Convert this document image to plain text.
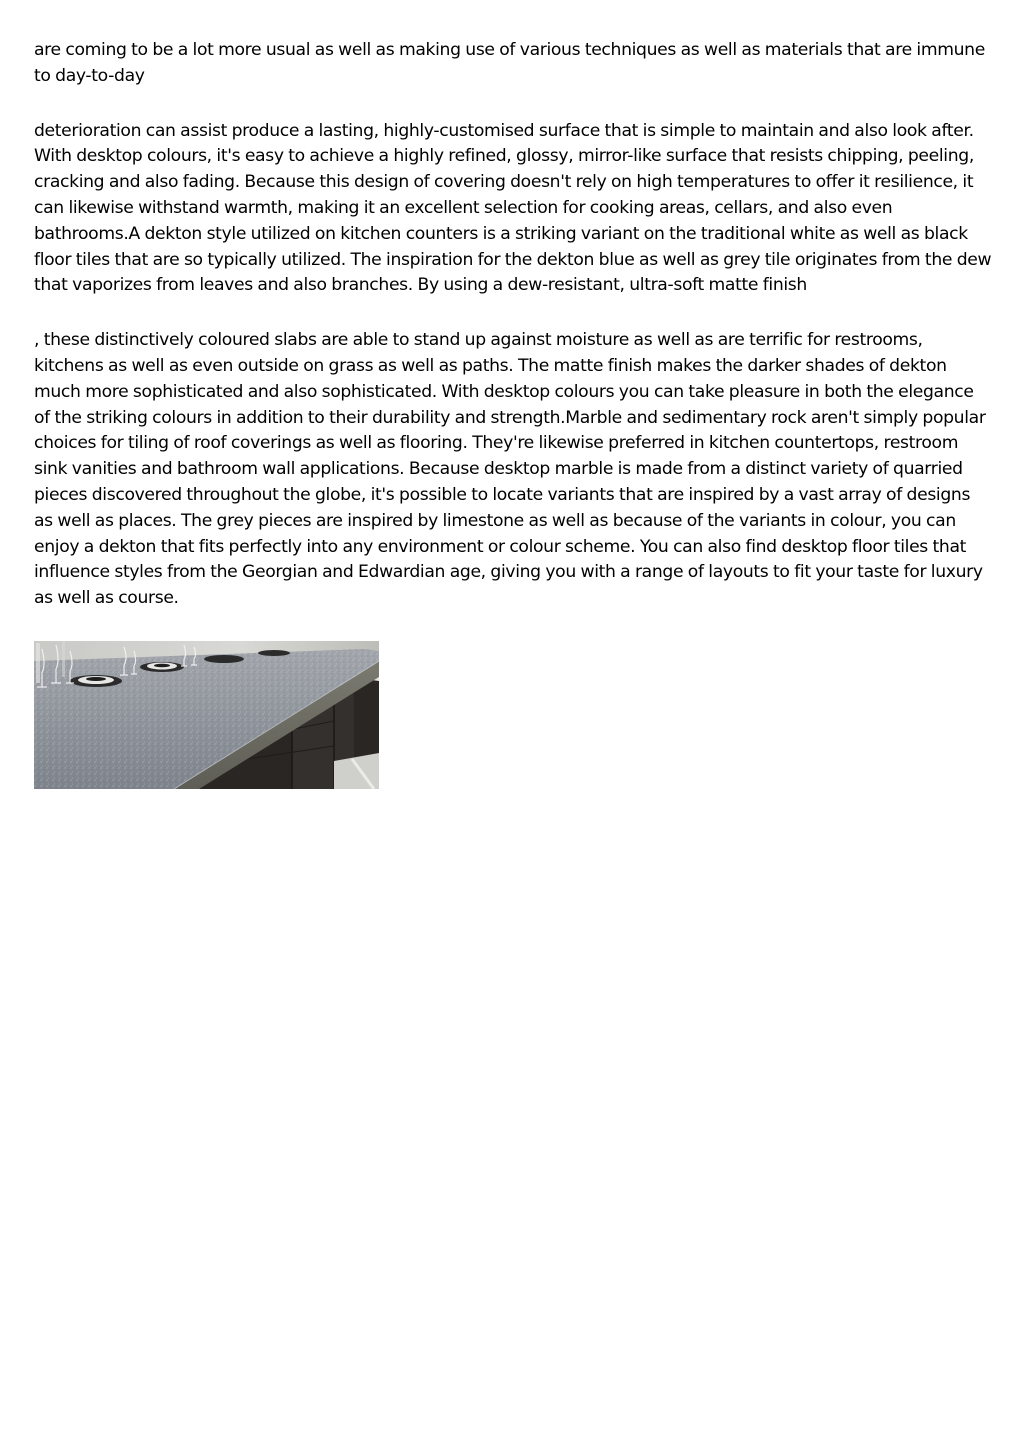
are coming to be a lot more usual as well as making use of various techniques as well as materials that are immune to day-to-day

deterioration can assist produce a lasting, highly-customised surface that is simple to maintain and also look after. With desktop colours, it's easy to achieve a highly refined, glossy, mirror-like surface that resists chipping, peeling, cracking and also fading. Because this design of covering doesn't rely on high temperatures to offer it resilience, it can likewise withstand warmth, making it an excellent selection for cooking areas, cellars, and also even bathrooms.A dekton style utilized on kitchen counters is a striking variant on the traditional white as well as black floor tiles that are so typically utilized. The inspiration for the dekton blue as well as grey tile originates from the dew that vaporizes from leaves and also branches. By using a dew-resistant, ultra-soft matte finish

, these distinctively coloured slabs are able to stand up against moisture as well as are terrific for restrooms, kitchens as well as even outside on grass as well as paths. The matte finish makes the darker shades of dekton much more sophisticated and also sophisticated. With desktop colours you can take pleasure in both the elegance of the striking colours in addition to their durability and strength.Marble and sedimentary rock aren't simply popular choices for tiling of roof coverings as well as flooring. They're likewise preferred in kitchen countertops, restroom sink vanities and bathroom wall applications. Because desktop marble is made from a distinct variety of quarried pieces discovered throughout the globe, it's possible to locate variants that are inspired by a vast array of designs as well as places. The grey pieces are inspired by limestone as well as because of the variants in colour, you can enjoy a dekton that fits perfectly into any environment or colour scheme. You can also find desktop floor tiles that influence styles from the Georgian and Edwardian age, giving you with a range of layouts to fit your taste for luxury as well as course.
